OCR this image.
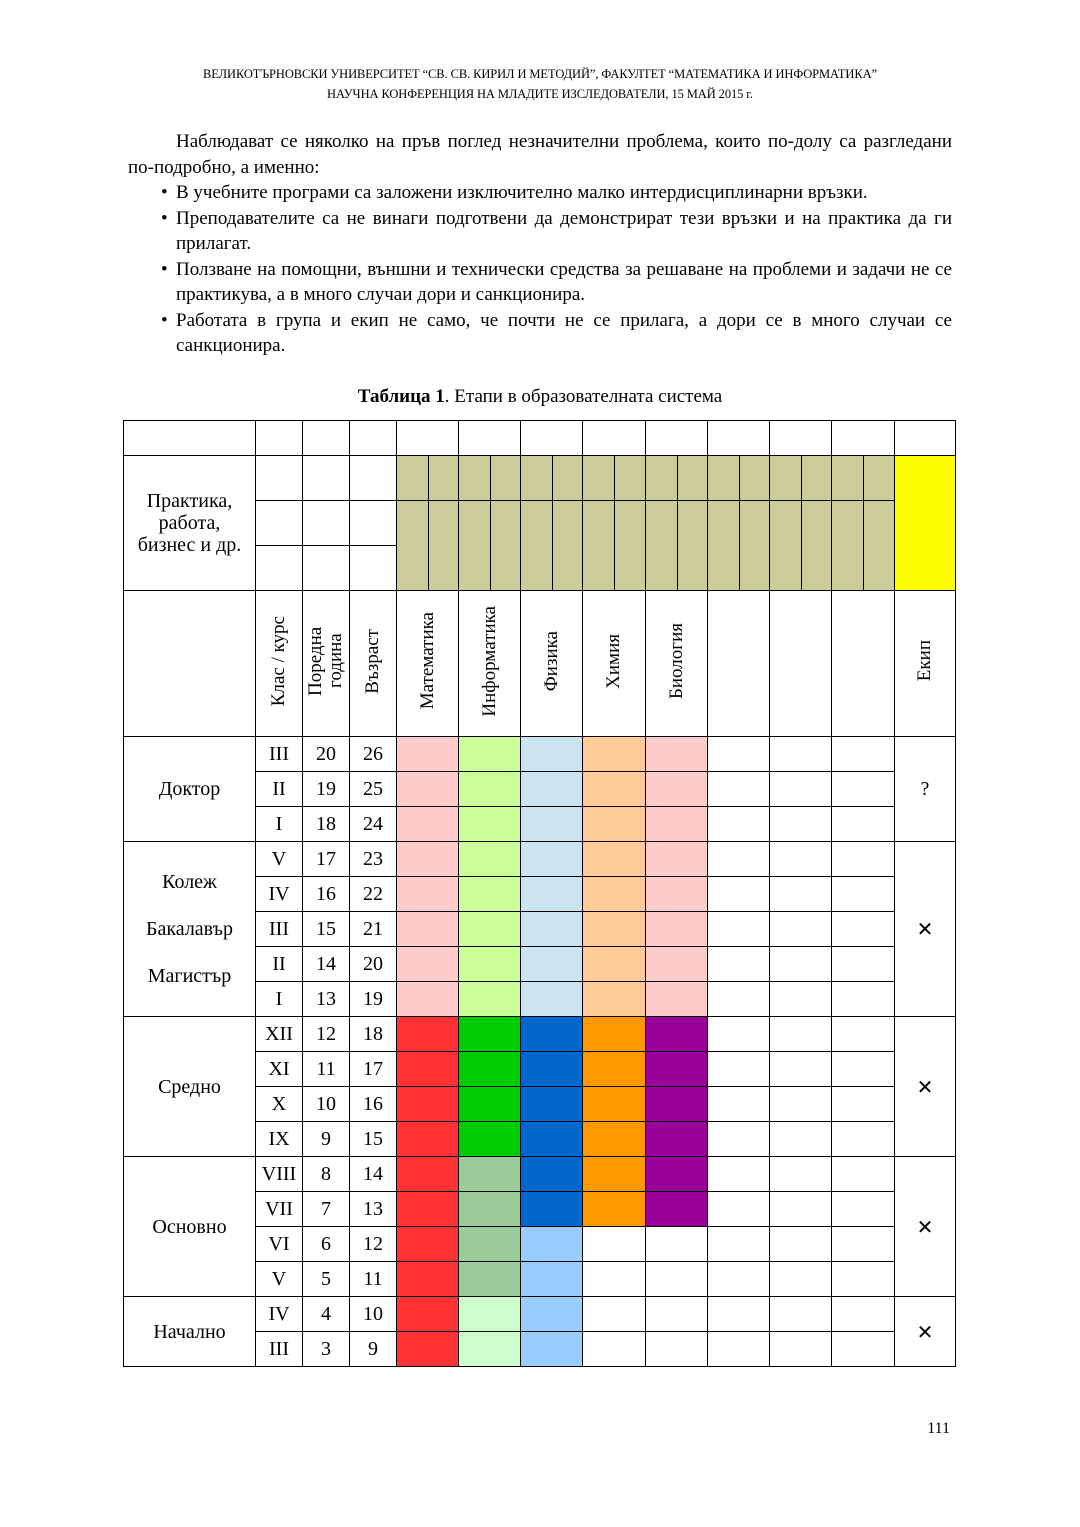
ВЕЛИКОТЪРНОВСКИ УНИВЕРСИТЕТ “СВ. СВ. КИРИЛ И МЕТОДИЙ”, ФАКУЛТЕТ “МАТЕМАТИКА И ИНФОРМАТИКА”
НАУЧНА КОНФЕРЕНЦИЯ НА МЛАДИТЕ ИЗСЛЕДОВАТЕЛИ, 15 МАЙ 2015 г.
Наблюдават се няколко на пръв поглед незначителни проблема, които по-долу са разгледани по-подробно, а именно:
• В учебните програми са заложени изключително малко интердисциплинарни връзки.
• Преподавателите са не винаги подготвени да демонстрират тези връзки и на практика да ги прилагат.
• Ползване на помощни, външни и технически средства за решаване на проблеми и задачи не се практикува, а в много случаи дори и санкционира.
• Работата в група и екип не само, че почти не се прилага, а дори се в много случаи се санкционира.
Таблица 1. Етапи в образователната система

Практика,
работа,
бизнес и др.												

	Клас / курс	Поредна година	Възраст	Математика	Информатика	Физика	Химия	Биология				Екип
Доктор	III	20	26									?
	II	19	25									
	I	18	24									

Колеж
Бакалавър
Магистър	V	17	23									✕
	IV	16	22									
	III	15	21									
	II	14	20									
	I	13	19									
Средно	XII	12	18									✕
	XI	11	17									
	X	10	16									
	IX	9	15									
Основно	VIII	8	14									✕
	VII	7	13									
	VI	6	12									
	V	5	11									
Начално	IV	4	10									✕
	III	3	9									
111
